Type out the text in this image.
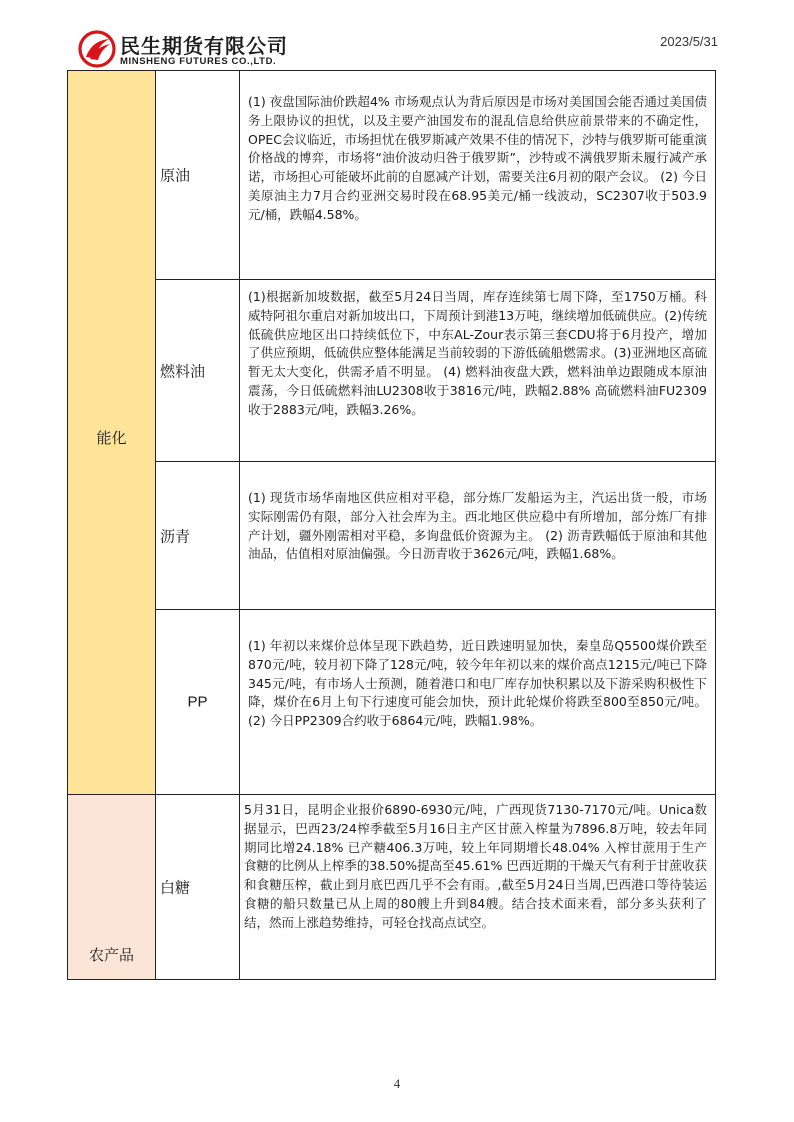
民生期货有限公司
MINSHENG FUTURES CO.,LTD.
2023/5/31
能化
原油
(1) 夜盘国际油价跌超4% 市场观点认为背后原因是市场对美国国会能否通过美国债务上限协议的担忧，以及主要产油国发布的混乱信息给供应前景带来的不确定性，OPEC会议临近，市场担忧在俄罗斯减产效果不佳的情况下，沙特与俄罗斯可能重演价格战的博弈，市场将“油价波动归咎于俄罗斯”，沙特或不满俄罗斯未履行减产承诺，市场担心可能破坏此前的自愿减产计划，需要关注6月初的限产会议。 (2) 今日美原油主力7月合约亚洲交易时段在68.95美元/桶一线波动，SC2307收于503.9元/桶，跌幅4.58%。
燃料油
(1)根据新加坡数据，截至5月24日当周，库存连续第七周下降，至1750万桶。科威特阿祖尔重启对新加坡出口，下周预计到港13万吨，继续增加低硫供应。(2)传统低硫供应地区出口持续低位下，中东AL-Zour表示第三套CDU将于6月投产，增加了供应预期，低硫供应整体能满足当前较弱的下游低硫船燃需求。(3)亚洲地区高硫暂无太大变化，供需矛盾不明显。 (4) 燃料油夜盘大跌，燃料油单边跟随成本原油震荡，今日低硫燃料油LU2308收于3816元/吨，跌幅2.88% 高硫燃料油FU2309收于2883元/吨，跌幅3.26%。
沥青
(1) 现货市场华南地区供应相对平稳，部分炼厂发船运为主，汽运出货一般，市场实际刚需仍有限，部分入社会库为主。西北地区供应稳中有所增加，部分炼厂有排产计划，疆外刚需相对平稳，多询盘低价资源为主。 (2) 沥青跌幅低于原油和其他油品，估值相对原油偏强。今日沥青收于3626元/吨，跌幅1.68%。
PP
(1) 年初以来煤价总体呈现下跌趋势，近日跌速明显加快，秦皇岛Q5500煤价跌至870元/吨，较月初下降了128元/吨，较今年年初以来的煤价高点1215元/吨已下降345元/吨，有市场人士预测，随着港口和电厂库存加快积累以及下游采购积极性下降，煤价在6月上旬下行速度可能会加快，预计此轮煤价将跌至800至850元/吨。 (2) 今日PP2309合约收于6864元/吨，跌幅1.98%。
农产品
白糖
5月31日，昆明企业报价6890-6930元/吨，广西现货7130-7170元/吨。Unica数据显示，巴西23/24榨季截至5月16日主产区甘蔗入榨量为7896.8万吨，较去年同期同比增24.18% 已产糖406.3万吨，较上年同期增长48.04% 入榨甘蔗用于生产食糖的比例从上榨季的38.50%提高至45.61% 巴西近期的干燥天气有利于甘蔗收获和食糖压榨，截止到月底巴西几乎不会有雨。,截至5月24日当周,巴西港口等待装运食糖的船只数量已从上周的80艘上升到84艘。结合技术面来看，部分多头获利了结，然而上涨趋势维持，可轻仓找高点试空。
4
